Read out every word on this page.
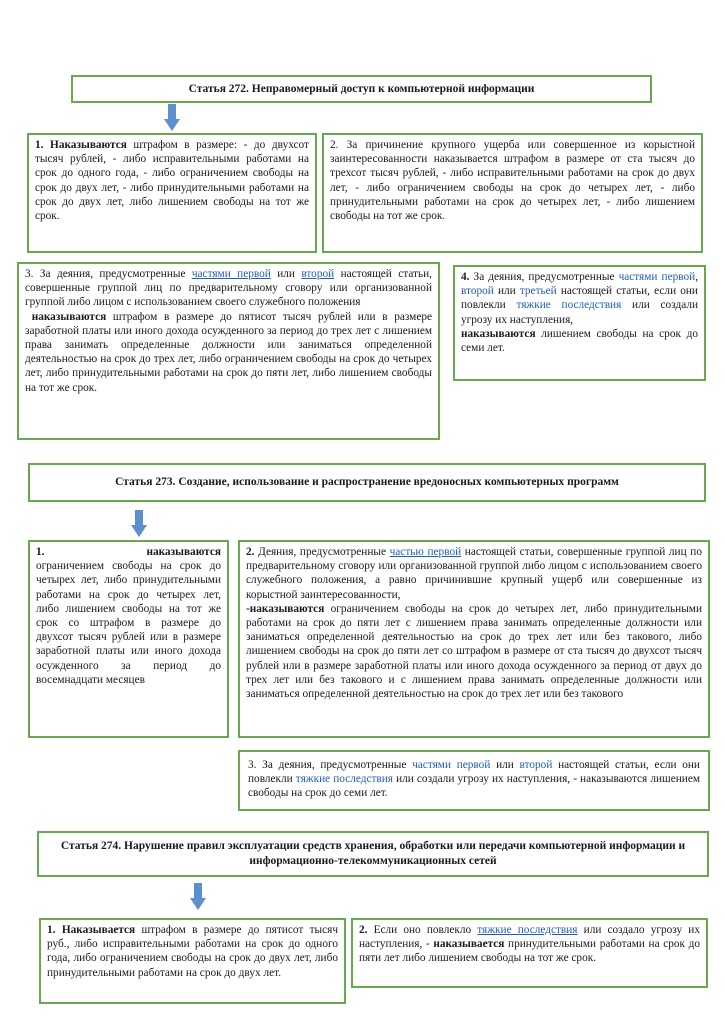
Статья 272. Неправомерный доступ к компьютерной информации

1. Наказываются штрафом в размере: - до двухсот тысяч рублей, - либо исправительными работами на срок до одного года, - либо ограничением свободы на срок до двух лет, - либо принудительными работами на срок до двух лет, либо лишением свободы на тот же срок.

2. За причинение крупного ущерба или совершенное из корыстной заинтересованности наказывается штрафом в размере от ста тысяч до трехсот тысяч рублей, - либо исправительными работами на срок до двух лет, - либо ограничением свободы на срок до четырех лет, - либо принудительными работами на срок до четырех лет, - либо лишением свободы на тот же срок.

3. За деяния, предусмотренные частями первой или второй настоящей статьи, совершенные группой лиц по предварительному сговору или организованной группой либо лицом с использованием своего служебного положения

наказываются штрафом в размере до пятисот тысяч рублей или в размере заработной платы или иного дохода осужденного за период до трех лет с лишением права занимать определенные должности или заниматься определенной деятельностью на срок до трех лет, либо ограничением свободы на срок до четырех лет, либо принудительными работами на срок до пяти лет, либо лишением свободы на тот же срок.

4. За деяния, предусмотренные частями первой, второй или третьей настоящей статьи, если они повлекли тяжкие последствия или создали угрозу их наступления,

наказываются лишением свободы на срок до семи лет.

Статья 273. Создание, использование и распространение вредоносных компьютерных программ

1.	наказываются

ограничением свободы на срок до четырех лет, либо принудительными работами на срок до четырех лет, либо лишением свободы на тот же срок со штрафом в размере до двухсот тысяч рублей или в размере заработной платы или иного дохода осужденного за период до восемнадцати месяцев

2. Деяния, предусмотренные частью первой настоящей статьи, совершенные группой лиц по предварительному сговору или организованной группой либо лицом с использованием своего служебного положения, а равно причинившие крупный ущерб или совершенные из корыстной заинтересованности,

-наказываются ограничением свободы на срок до четырех лет, либо принудительными работами на срок до пяти лет с лишением права занимать определенные должности или заниматься определенной деятельностью на срок до трех лет или без такового, либо лишением свободы на срок до пяти лет со штрафом в размере от ста тысяч до двухсот тысяч рублей или в размере заработной платы или иного дохода осужденного за период от двух до трех лет или без такового и с лишением права занимать определенные должности или заниматься определенной деятельностью на срок до трех лет или без такового

3. За деяния, предусмотренные частями первой или второй настоящей статьи, если они повлекли тяжкие последствия или создали угрозу их наступления, - наказываются лишением свободы на срок до семи лет.

Статья 274. Нарушение правил эксплуатации средств хранения, обработки или передачи компьютерной информации и информационно-телекоммуникационных сетей

1. Наказывается штрафом в размере до пятисот тысяч руб., либо исправительными работами на срок до одного года, либо ограничением свободы на срок до двух лет, либо принудительными работами на срок до двух лет.

2. Если оно повлекло тяжкие последствия или создало угрозу их наступления, - наказывается принудительными работами на срок до пяти лет либо лишением свободы на тот же срок.
